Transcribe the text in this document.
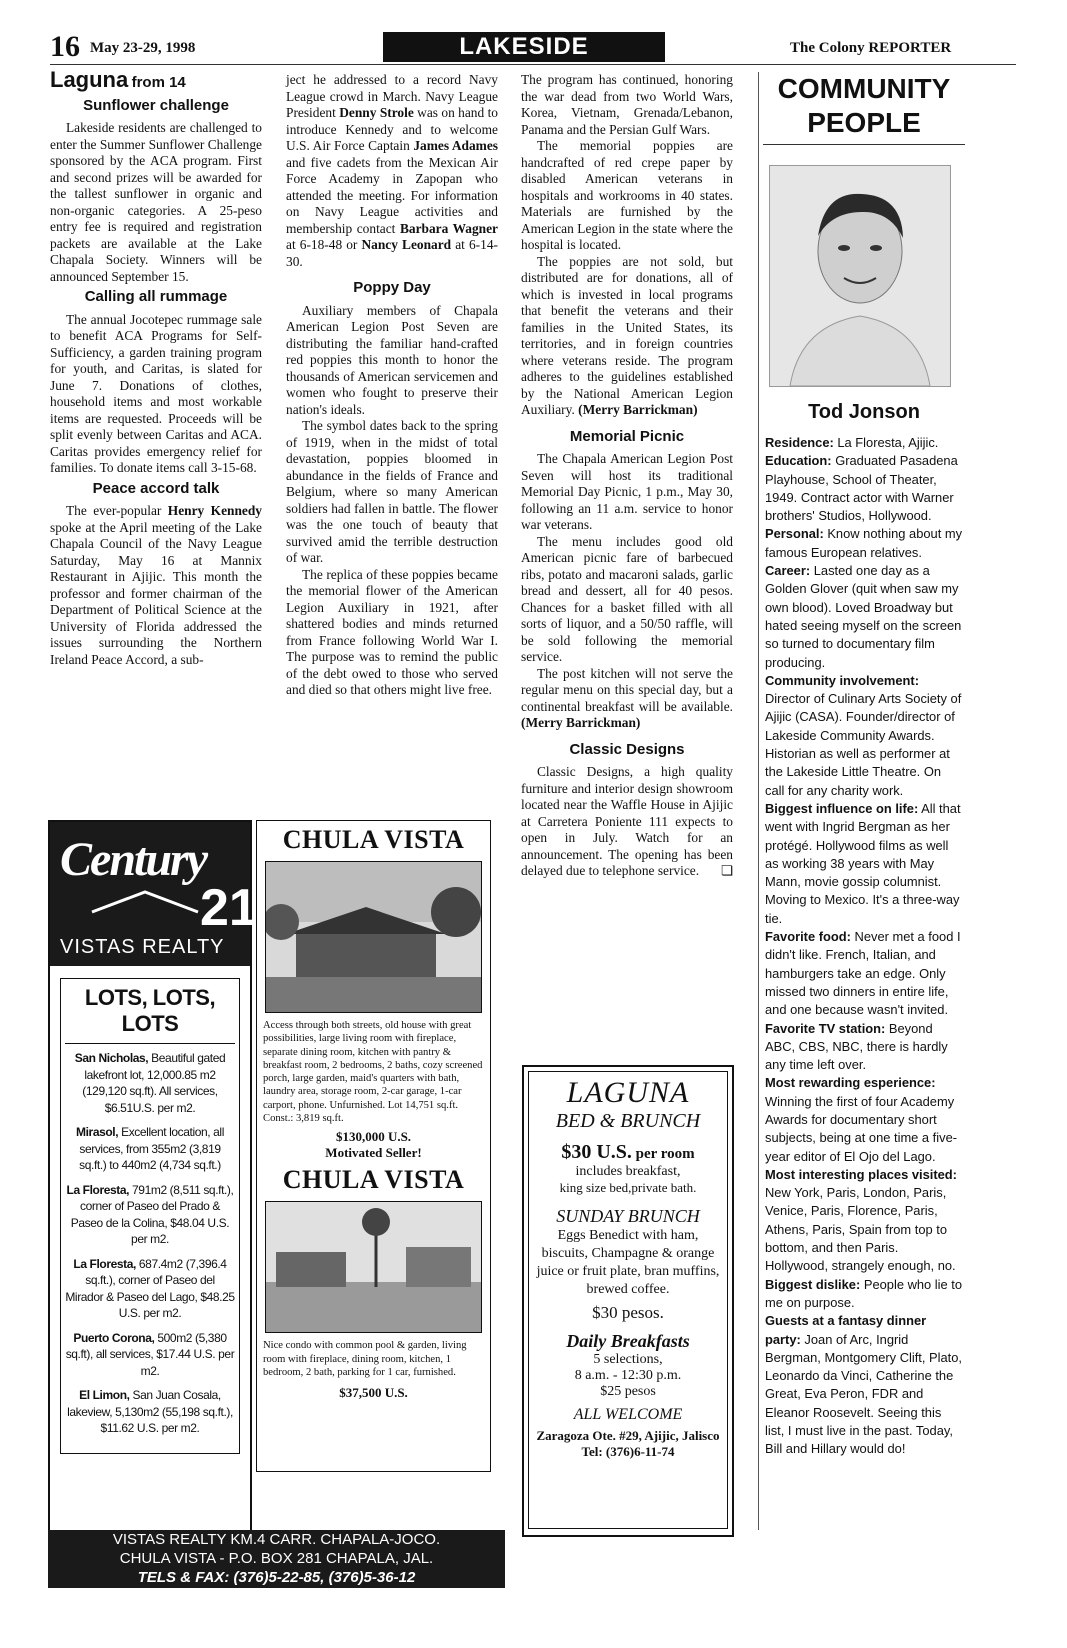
16 May 23-29, 1998	LAKESIDE	The Colony REPORTER
Laguna from 14
Sunflower challenge

Lakeside residents are challenged to enter the Summer Sunflower Challenge sponsored by the ACA program. First and second prizes will be awarded for the tallest sunflower in organic and non-organic categories. A 25-peso entry fee is required and registration packets are available at the Lake Chapala Society. Winners will be announced September 15.

Calling all rummage

The annual Jocotepec rummage sale to benefit ACA Programs for Self-Sufficiency, a garden training program for youth, and Caritas, is slated for June 7. Donations of clothes, household items and most workable items are requested. Proceeds will be split evenly between Caritas and ACA. Caritas provides emergency relief for families. To donate items call 3-15-68.

Peace accord talk

The ever-popular Henry Kennedy spoke at the April meeting of the Lake Chapala Council of the Navy League Saturday, May 16 at Mannix Restaurant in Ajijic. This month the professor and former chairman of the Department of Political Science at the University of Florida addressed the issues surrounding the Northern Ireland Peace Accord, a sub-

ject he addressed to a record Navy League crowd in March. Navy League President Denny Strole was on hand to introduce Kennedy and to welcome U.S. Air Force Captain James Adames and five cadets from the Mexican Air Force Academy in Zapopan who attended the meeting. For information on Navy League activities and membership contact Barbara Wagner at 6-18-48 or Nancy Leonard at 6-14-30.

Poppy Day

Auxiliary members of Chapala American Legion Post Seven are distributing the familiar hand-crafted red poppies this month to honor the thousands of American servicemen and women who fought to preserve their nation's ideals.

The symbol dates back to the spring of 1919, when in the midst of total devastation, poppies bloomed in abundance in the fields of France and Belgium, where so many American soldiers had fallen in battle. The flower was the one touch of beauty that survived amid the terrible destruction of war.

The replica of these poppies became the memorial flower of the American Legion Auxiliary in 1921, after shattered bodies and minds returned from France following World War I. The purpose was to remind the public of the debt owed to those who served and died so that others might live free.

The program has continued, honoring the war dead from two World Wars, Korea, Vietnam, Grenada/Lebanon, Panama and the Persian Gulf Wars.

The memorial poppies are handcrafted of red crepe paper by disabled American veterans in hospitals and workrooms in 40 states. Materials are furnished by the American Legion in the state where the hospital is located.

The poppies are not sold, but distributed are for donations, all of which is invested in local programs that benefit the veterans and their families in the United States, its territories, and in foreign countries where veterans reside. The program adheres to the guidelines established by the National American Legion Auxiliary. (Merry Barrickman)

Memorial Picnic

The Chapala American Legion Post Seven will host its traditional Memorial Day Picnic, 1 p.m., May 30, following an 11 a.m. service to honor war veterans.

The menu includes good old American picnic fare of barbecued ribs, potato and macaroni salads, garlic bread and dessert, all for 40 pesos. Chances for a basket filled with all sorts of liquor, and a 50/50 raffle, will be sold following the memorial service.

The post kitchen will not serve the regular menu on this special day, but a continental breakfast will be available. (Merry Barrickman)

Classic Designs

Classic Designs, a high quality furniture and interior design showroom located near the Waffle House in Ajijic at Carretera Poniente 111 expects to open in July. Watch for an announcement. The opening has been delayed due to telephone service.	❏

Century
21
VISTAS REALTY
LOTS, LOTS, LOTS
San Nicholas, Beautiful gated lakefront lot, 12,000.85 m2 (129,120 sq.ft). All services, $6.51U.S. per m2.
Mirasol, Excellent location, all services, from 355m2 (3,819 sq.ft.) to 440m2 (4,734 sq.ft.)
La Floresta, 791m2 (8,511 sq.ft.), corner of Paseo del Prado & Paseo de la Colina, $48.04 U.S. per m2.
La Floresta, 687.4m2 (7,396.4 sq.ft.), corner of Paseo del Mirador & Paseo del Lago, $48.25 U.S. per m2.
Puerto Corona, 500m2 (5,380 sq.ft), all services, $17.44 U.S. per m2.
El Limon, San Juan Cosala, lakeview, 5,130m2 (55,198 sq.ft.), $11.62 U.S. per m2.
CHULA VISTA
Access through both streets, old house with great possibilities, large living room with fireplace, separate dining room, kitchen with pantry & breakfast room, 2 bedrooms, 2 baths, cozy screened porch, large garden, maid's quarters with bath, laundry area, storage room, 2-car garage, 1-car carport, phone. Unfurnished. Lot 14,751 sq.ft. Const.: 3,819 sq.ft.
$130,000 U.S.
Motivated Seller!
CHULA VISTA
Nice condo with common pool & garden, living room with fireplace, dining room, kitchen, 1 bedroom, 2 bath, parking for 1 car, furnished.
$37,500 U.S.
VISTAS REALTY KM.4 CARR. CHAPALA-JOCO.
CHULA VISTA - P.O. BOX 281 CHAPALA, JAL.
TELS & FAX: (376)5-22-85, (376)5-36-12
LAGUNA
BED & BRUNCH
$30 U.S. per room
includes breakfast,
king size bed,private bath.
SUNDAY BRUNCH
Eggs Benedict with ham, biscuits, Champagne & orange juice or fruit plate, bran muffins, brewed coffee.
$30 pesos.
Daily Breakfasts
5 selections,
8 a.m. - 12:30 p.m.
$25 pesos
ALL WELCOME
Zaragoza Ote. #29, Ajijic, Jalisco Tel: (376)6-11-74
COMMUNITY PEOPLE
Tod Jonson
Residence: La Floresta, Ajijic.
Education: Graduated Pasadena Playhouse, School of Theater, 1949. Contract actor with Warner brothers' Studios, Hollywood.
Personal: Know nothing about my famous European relatives.
Career: Lasted one day as a Golden Glover (quit when saw my own blood). Loved Broadway but hated seeing myself on the screen so turned to documentary film producing.
Community involvement: Director of Culinary Arts Society of Ajijic (CASA). Founder/director of Lakeside Community Awards. Historian as well as performer at the Lakeside Little Theatre. On call for any charity work.
Biggest influence on life: All that went with Ingrid Bergman as her protégé. Hollywood films as well as working 38 years with May Mann, movie gossip columnist. Moving to Mexico. It's a three-way tie.
Favorite food: Never met a food I didn't like. French, Italian, and hamburgers take an edge. Only missed two dinners in entire life, and one because wasn't invited.
Favorite TV station: Beyond ABC, CBS, NBC, there is hardly any time left over.
Most rewarding esperience: Winning the first of four Academy Awards for documentary short subjects, being at one time a five-year editor of El Ojo del Lago.
Most interesting places visited: New York, Paris, London, Paris, Venice, Paris, Florence, Paris, Athens, Paris, Spain from top to bottom, and then Paris. Hollywood, strangely enough, no.
Biggest dislike: People who lie to me on purpose.
Guests at a fantasy dinner party: Joan of Arc, Ingrid Bergman, Montgomery Clift, Plato, Leonardo da Vinci, Catherine the Great, Eva Peron, FDR and Eleanor Roosevelt. Seeing this list, I must live in the past. Today, Bill and Hillary would do!
